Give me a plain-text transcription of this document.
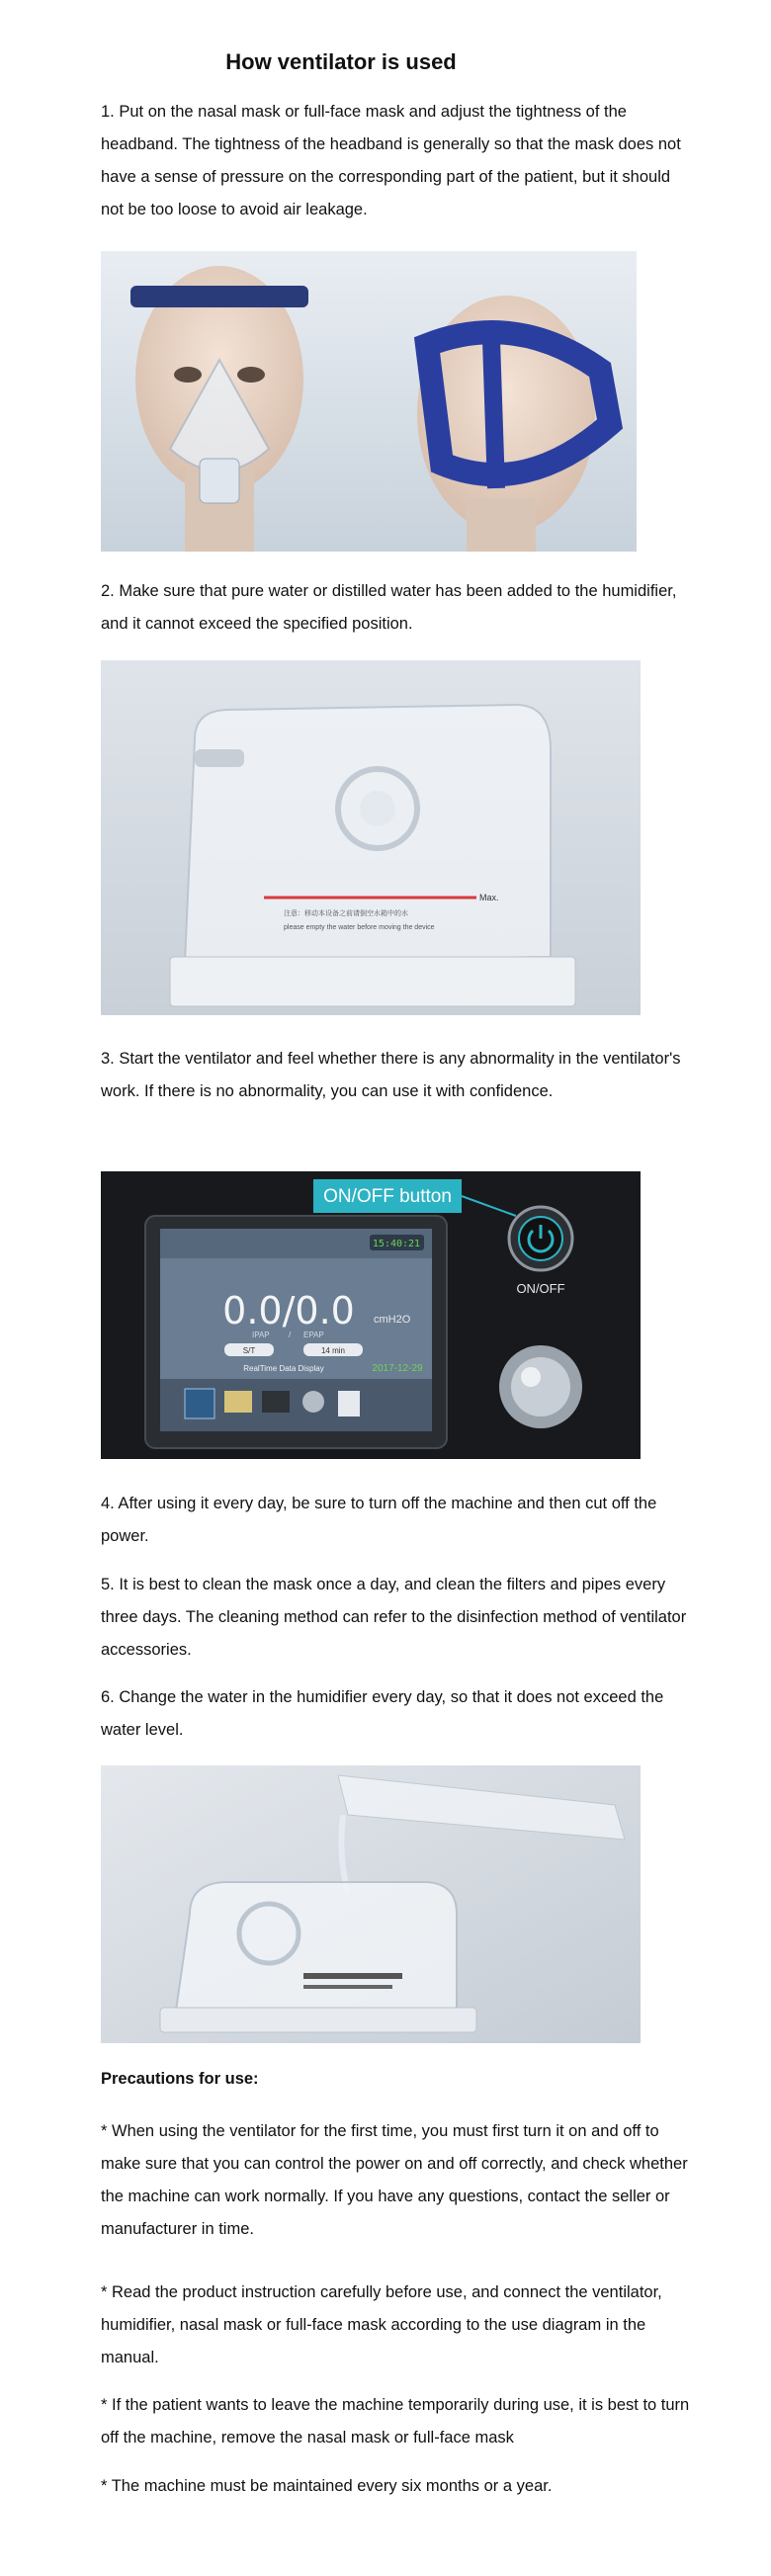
How ventilator is used
1. Put on the nasal mask or full-face mask and adjust the tightness of the headband. The tightness of the headband is generally so that the mask does not have a sense of pressure on the corresponding part of the patient, but it should not be too loose to avoid air leakage.
2. Make sure that pure water or distilled water has been added to the humidifier, and it cannot exceed the specified position.
Max.
注意：移动本设备之前请倒空水箱中的水
please empty the water before moving the device
3. Start the ventilator and feel whether there is any abnormality in the ventilator's work. If there is no abnormality, you can use it with confidence.
15:40:21
0.0/0.0
IPAP / EPAP
cmH2O
S/T	14 min
RealTime Data Display	2017-12-29
ON/OFF button
ON/OFF
4. After using it every day, be sure to turn off the machine and then cut off the power.
5. It is best to clean the mask once a day, and clean the filters and pipes every three days. The cleaning method can refer to the disinfection method of ventilator accessories.
6. Change the water in the humidifier every day, so that it does not exceed the water level.
Precautions for use:
* When using the ventilator for the first time, you must first turn it on and off to make sure that you can control the power on and off correctly, and check whether the machine can work normally. If you have any questions, contact the seller or manufacturer in time.
* Read the product instruction carefully before use, and connect the ventilator, humidifier, nasal mask or full-face mask according to the use diagram in the manual.
* If the patient wants to leave the machine temporarily during use, it is best to turn off the machine, remove the nasal mask or full-face mask
* The machine must be maintained every six months or a year.
